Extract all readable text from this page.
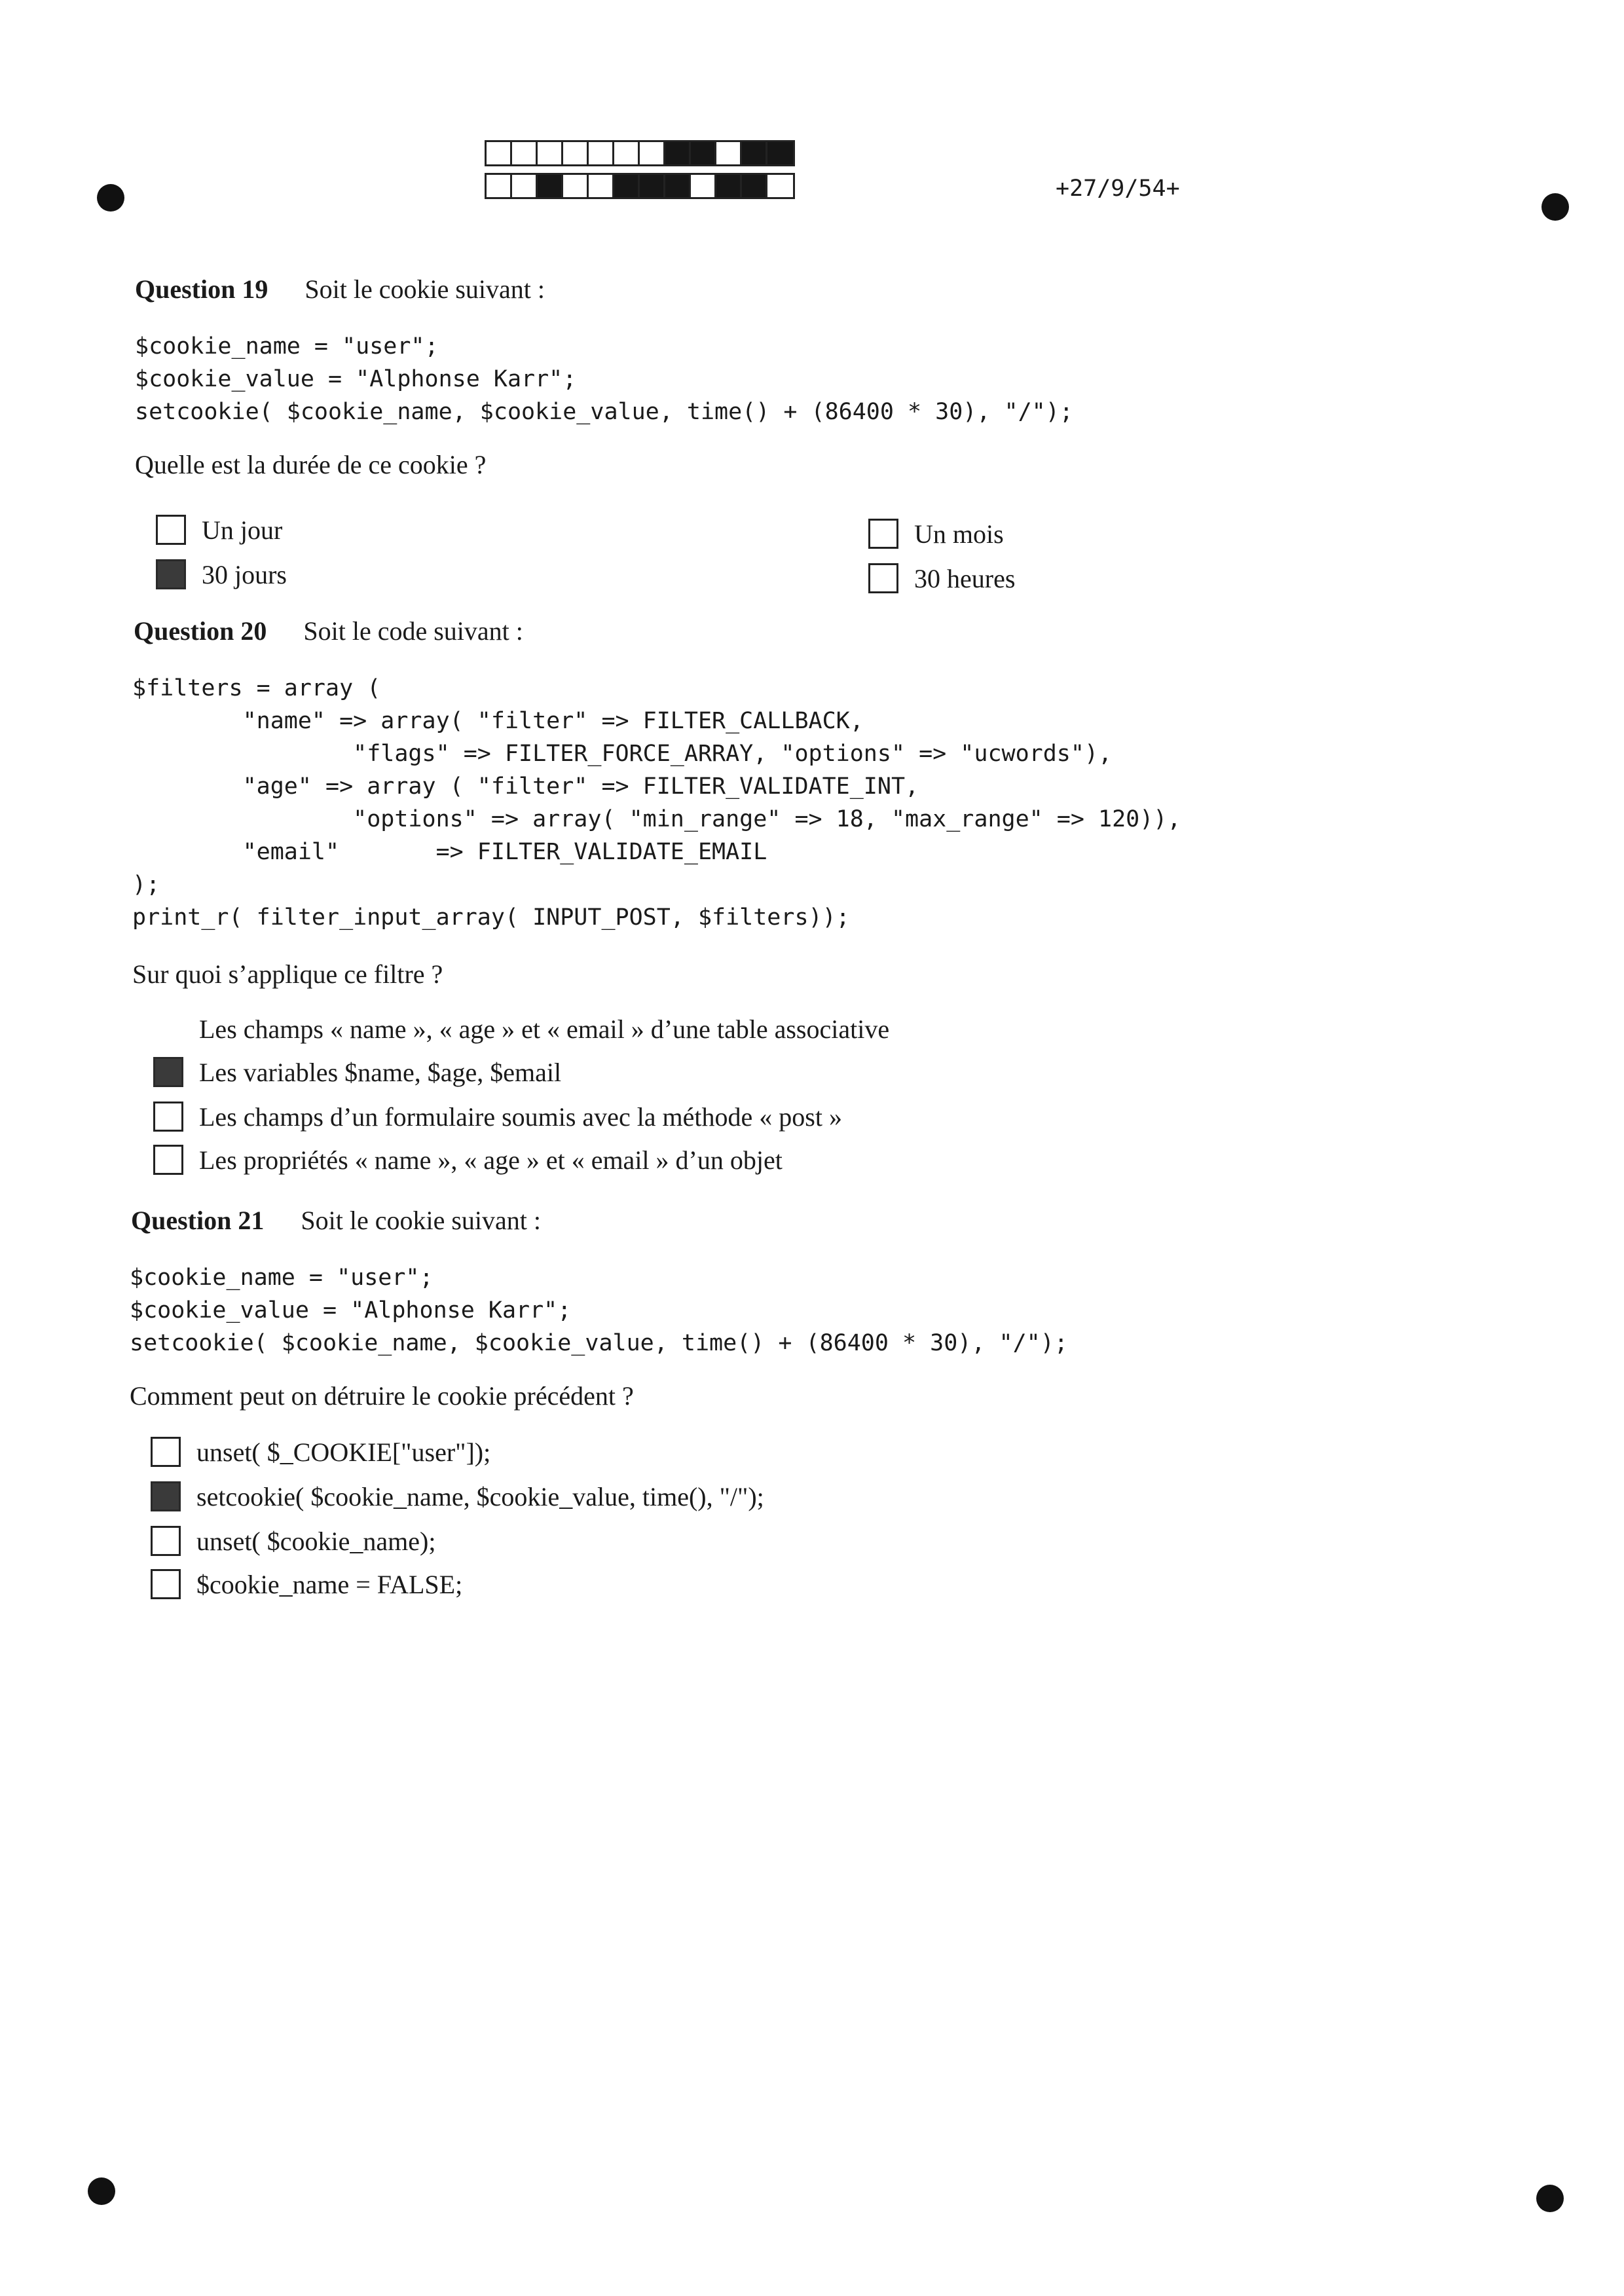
+27/9/54+
Question 19 Soit le cookie suivant :
$cookie_name = "user";
$cookie_value = "Alphonse Karr";
setcookie( $cookie_name, $cookie_value, time() + (86400 * 30), "/");
Quelle est la durée de ce cookie ?
Un jour
30 jours
Un mois
30 heures
Question 20 Soit le code suivant :
$filters = array (
"name" => array( "filter" => FILTER_CALLBACK,
"flags" => FILTER_FORCE_ARRAY, "options" => "ucwords"),
"age" => array ( "filter" => FILTER_VALIDATE_INT,
"options" => array( "min_range" => 18, "max_range" => 120)),
"email"       => FILTER_VALIDATE_EMAIL
);
print_r( filter_input_array( INPUT_POST, $filters));
Sur quoi s’applique ce filtre ?
Les champs « name », « age » et « email » d’une table associative
Les variables $name, $age, $email
Les champs d’un formulaire soumis avec la méthode « post »
Les propriétés « name », « age » et « email » d’un objet
Question 21 Soit le cookie suivant :
$cookie_name = "user";
$cookie_value = "Alphonse Karr";
setcookie( $cookie_name, $cookie_value, time() + (86400 * 30), "/");
Comment peut on détruire le cookie précédent ?
unset( $_COOKIE["user"]);
setcookie( $cookie_name, $cookie_value, time(), "/");
unset( $cookie_name);
$cookie_name = FALSE;
